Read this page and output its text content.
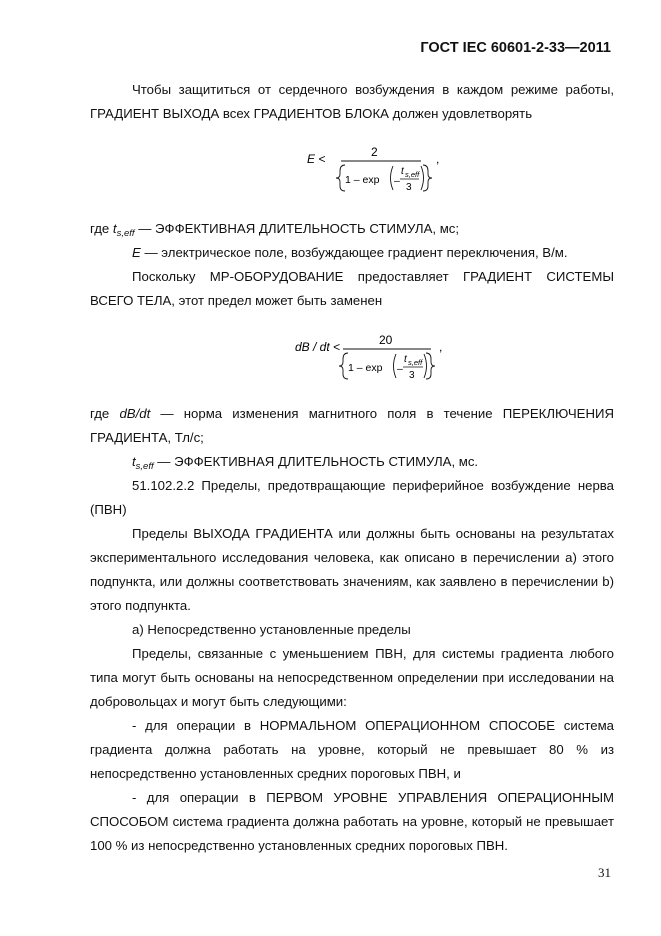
ГОСТ IEC 60601-2-33—2011
Чтобы защититься от сердечного возбуждения в каждом режиме работы, ГРАДИЕНТ ВЫХОДА всех ГРАДИЕНТОВ БЛОКА должен удовлетворять
E <	2
1 – exp –
t s,eff
3
,
где $t_{s,eff}$ — ЭФФЕКТИВНАЯ ДЛИТЕЛЬНОСТЬ СТИМУЛА, мс;
E — электрическое поле, возбуждающее градиент переключения, В/м.
Поскольку МР-ОБОРУДОВАНИЕ предоставляет ГРАДИЕНТ СИСТЕМЫ ВСЕГО ТЕЛА, этот предел может быть заменен
dB / dt <	20
1 – exp –
t s,eff
3
,
где dB/dt — норма изменения магнитного поля в течение ПЕРЕКЛЮЧЕНИЯ ГРАДИЕНТА, Тл/с;
$t_{s,eff}$ — ЭФФЕКТИВНАЯ ДЛИТЕЛЬНОСТЬ СТИМУЛА, мс.
51.102.2.2 Пределы, предотвращающие периферийное возбуждение нерва (ПВН)
Пределы ВЫХОДА ГРАДИЕНТА или должны быть основаны на результатах экспериментального исследования человека, как описано в перечислении a) этого подпункта, или должны соответствовать значениям, как заявлено в перечислении b) этого подпункта.
а) Непосредственно установленные пределы
Пределы, связанные с уменьшением ПВН, для системы градиента любого типа могут быть основаны на непосредственном определении при исследовании на добровольцах и могут быть следующими:
- для операции в НОРМАЛЬНОМ ОПЕРАЦИОННОМ СПОСОБЕ система градиента должна работать на уровне, который не превышает 80 % из непосредственно установленных средних пороговых ПВН, и
- для операции в ПЕРВОМ УРОВНЕ УПРАВЛЕНИЯ ОПЕРАЦИОННЫМ СПОСОБОМ система градиента должна работать на уровне, который не превышает 100 % из непосредственно установленных средних пороговых ПВН.
31
